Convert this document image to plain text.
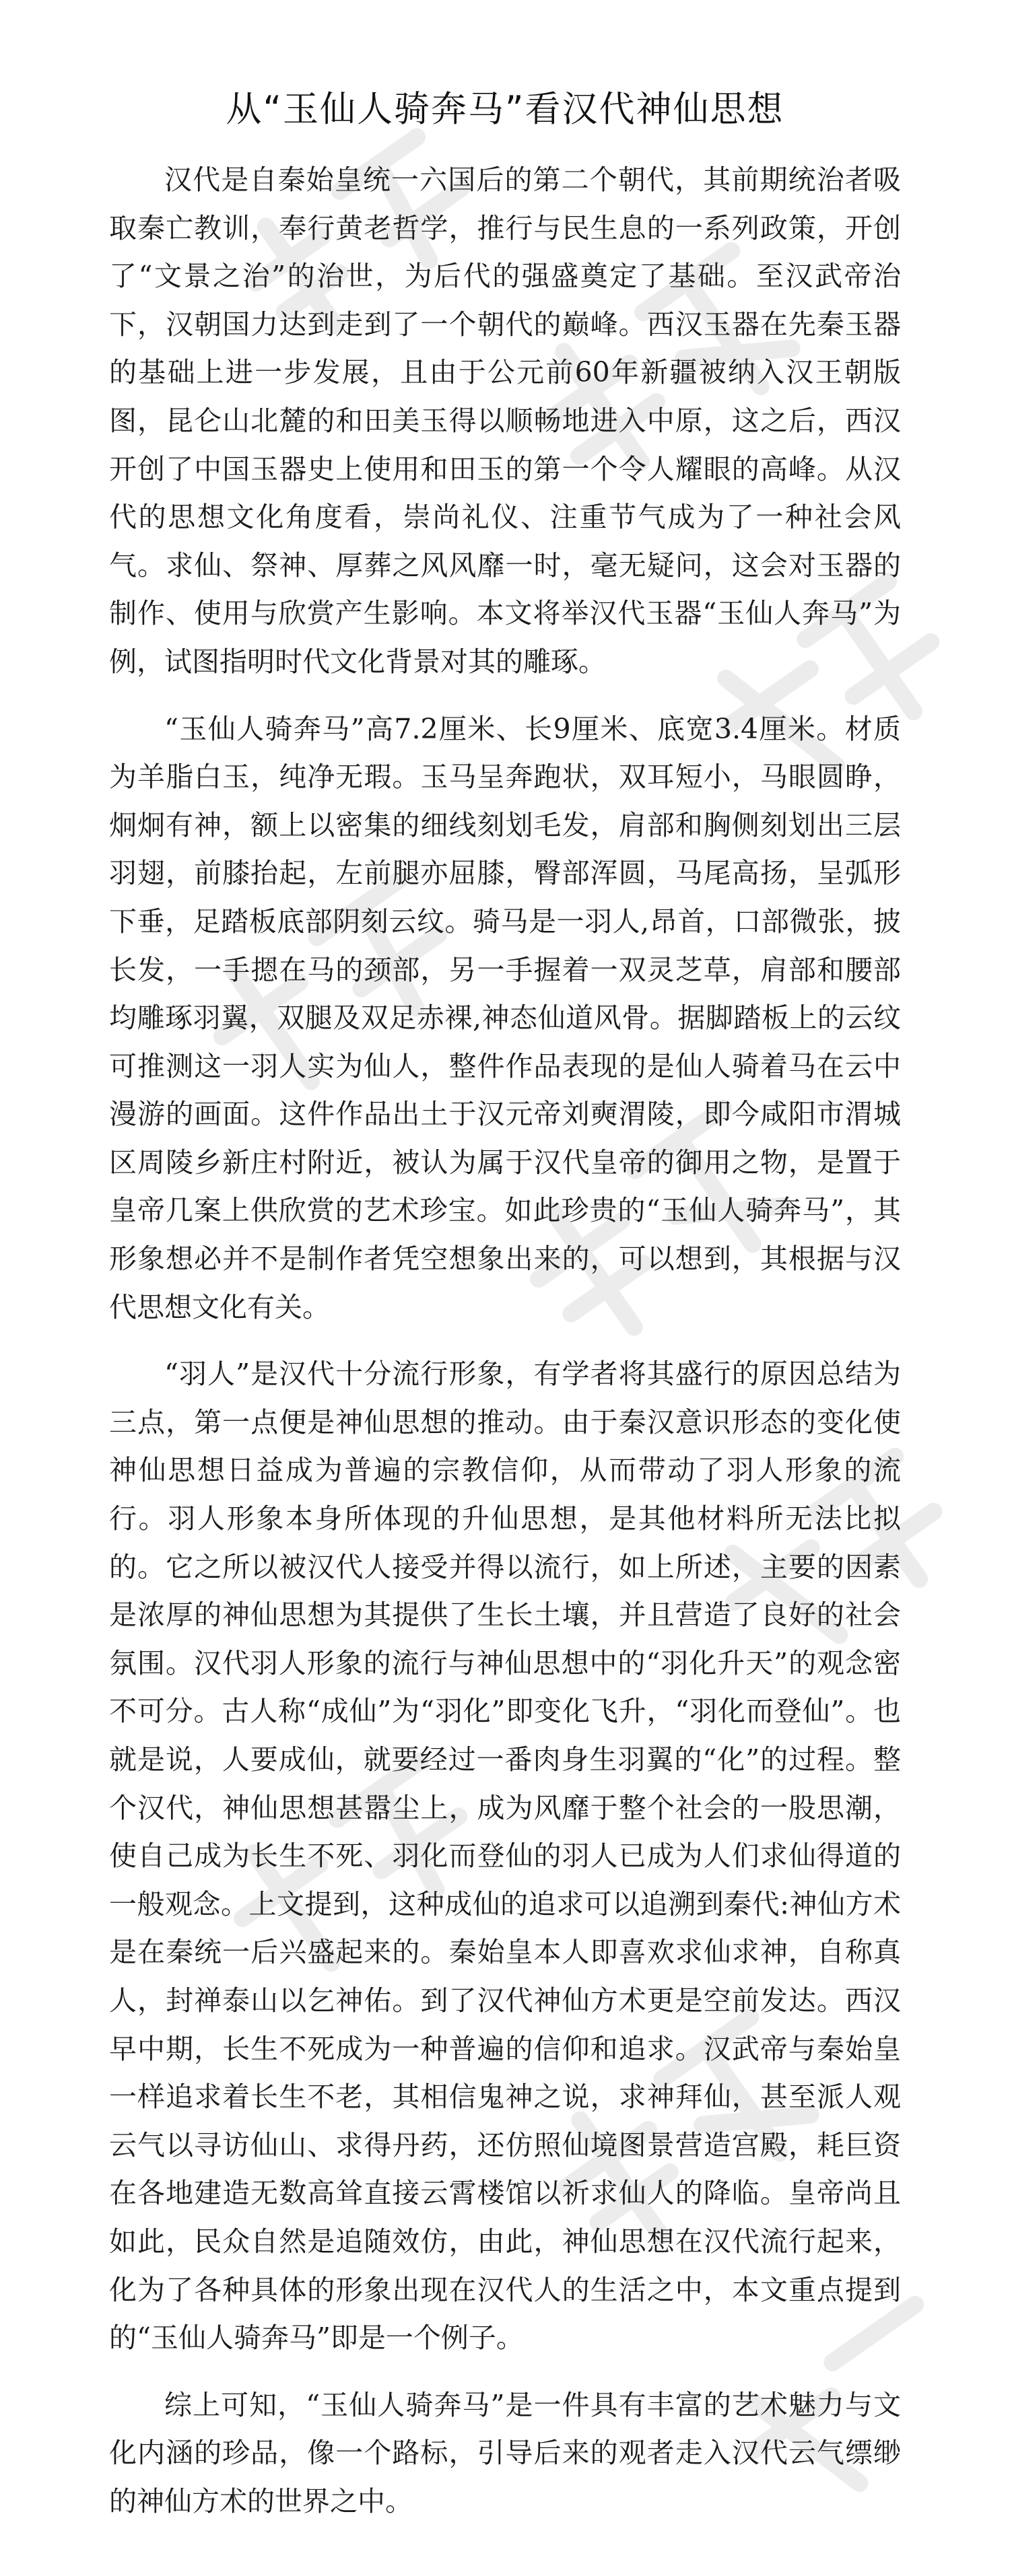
从“玉仙人骑奔马”看汉代神仙思想

汉代是自秦始皇统一六国后的第二个朝代，其前期统治者吸取秦亡教训，奉行黄老哲学，推行与民生息的一系列政策，开创了“文景之治”的治世，为后代的强盛奠定了基础。至汉武帝治下，汉朝国力达到走到了一个朝代的巅峰。西汉玉器在先秦玉器的基础上进一步发展，且由于公元前60年新疆被纳入汉王朝版图，昆仑山北麓的和田美玉得以顺畅地进入中原，这之后，西汉开创了中国玉器史上使用和田玉的第一个令人耀眼的高峰。从汉代的思想文化角度看，崇尚礼仪、注重节气成为了一种社会风气。求仙、祭神、厚葬之风风靡一时，毫无疑问，这会对玉器的制作、使用与欣赏产生影响。本文将举汉代玉器“玉仙人奔马”为例，试图指明时代文化背景对其的雕琢。

“玉仙人骑奔马”高7.2厘米、长9厘米、底宽3.4厘米。材质为羊脂白玉，纯净无瑕。玉马呈奔跑状，双耳短小，马眼圆睁，炯炯有神，额上以密集的细线刻划毛发，肩部和胸侧刻划出三层羽翅，前膝抬起，左前腿亦屈膝，臀部浑圆，马尾高扬，呈弧形下垂，足踏板底部阴刻云纹。骑马是一羽人,昂首，口部微张，披长发，一手摁在马的颈部，另一手握着一双灵芝草，肩部和腰部均雕琢羽翼，双腿及双足赤裸,神态仙道风骨。据脚踏板上的云纹可推测这一羽人实为仙人，整件作品表现的是仙人骑着马在云中漫游的画面。这件作品出土于汉元帝刘奭渭陵，即今咸阳市渭城区周陵乡新庄村附近，被认为属于汉代皇帝的御用之物，是置于皇帝几案上供欣赏的艺术珍宝。如此珍贵的“玉仙人骑奔马”，其形象想必并不是制作者凭空想象出来的，可以想到，其根据与汉代思想文化有关。

“羽人”是汉代十分流行形象，有学者将其盛行的原因总结为三点，第一点便是神仙思想的推动。由于秦汉意识形态的变化使神仙思想日益成为普遍的宗教信仰，从而带动了羽人形象的流行。羽人形象本身所体现的升仙思想，是其他材料所无法比拟的。它之所以被汉代人接受并得以流行，如上所述，主要的因素是浓厚的神仙思想为其提供了生长土壤，并且营造了良好的社会氛围。汉代羽人形象的流行与神仙思想中的“羽化升天”的观念密不可分。古人称“成仙”为“羽化”即变化飞升，“羽化而登仙”。也就是说，人要成仙，就要经过一番肉身生羽翼的“化”的过程。整个汉代，神仙思想甚嚣尘上，成为风靡于整个社会的一股思潮，使自己成为长生不死、羽化而登仙的羽人已成为人们求仙得道的一般观念。上文提到，这种成仙的追求可以追溯到秦代:神仙方术是在秦统一后兴盛起来的。秦始皇本人即喜欢求仙求神，自称真人，封禅泰山以乞神佑。到了汉代神仙方术更是空前发达。西汉早中期，长生不死成为一种普遍的信仰和追求。汉武帝与秦始皇一样追求着长生不老，其相信鬼神之说，求神拜仙，甚至派人观云气以寻访仙山、求得丹药，还仿照仙境图景营造宫殿，耗巨资在各地建造无数高耸直接云霄楼馆以祈求仙人的降临。皇帝尚且如此，民众自然是追随效仿，由此，神仙思想在汉代流行起来，化为了各种具体的形象出现在汉代人的生活之中，本文重点提到的“玉仙人骑奔马”即是一个例子。

综上可知，“玉仙人骑奔马”是一件具有丰富的艺术魅力与文化内涵的珍品，像一个路标，引导后来的观者走入汉代云气缥缈的神仙方术的世界之中。
